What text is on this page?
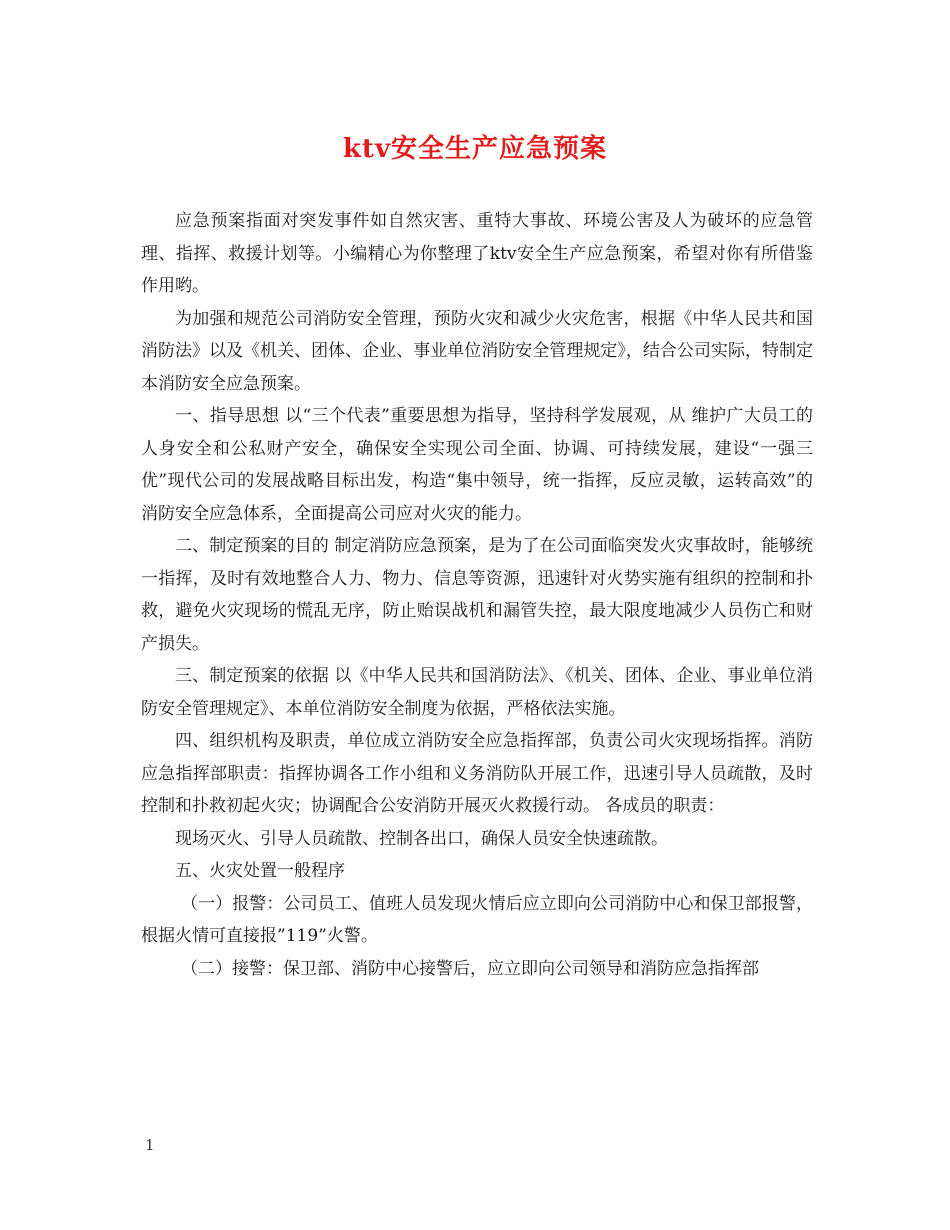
ktv安全生产应急预案

应急预案指面对突发事件如自然灾害、重特大事故、环境公害及人为破坏的应急管理、指挥、救援计划等。小编精心为你整理了ktv安全生产应急预案，希望对你有所借鉴作用哟。

为加强和规范公司消防安全管理，预防火灾和减少火灾危害，根据《中华人民共和国消防法》以及《机关、团体、企业、事业单位消防安全管理规定》，结合公司实际，特制定本消防安全应急预案。

一、指导思想 以“三个代表”重要思想为指导，坚持科学发展观，从 维护广大员工的人身安全和公私财产安全，确保安全实现公司全面、协调、可持续发展，建设“一强三优”现代公司的发展战略目标出发，构造“集中领导，统一指挥，反应灵敏，运转高效”的消防安全应急体系，全面提高公司应对火灾的能力。

二、制定预案的目的 制定消防应急预案，是为了在公司面临突发火灾事故时，能够统一指挥，及时有效地整合人力、物力、信息等资源，迅速针对火势实施有组织的控制和扑救，避免火灾现场的慌乱无序，防止贻误战机和漏管失控，最大限度地减少人员伤亡和财产损失。

三、制定预案的依据 以《中华人民共和国消防法》、《机关、团体、企业、事业单位消防安全管理规定》、本单位消防安全制度为依据，严格依法实施。

四、组织机构及职责，单位成立消防安全应急指挥部，负责公司火灾现场指挥。消防应急指挥部职责：指挥协调各工作小组和义务消防队开展工作，迅速引导人员疏散，及时控制和扑救初起火灾；协调配合公安消防开展灭火救援行动。 各成员的职责：

现场灭火、引导人员疏散、控制各出口，确保人员安全快速疏散。

五、火灾处置一般程序

（一）报警：公司员工、值班人员发现火情后应立即向公司消防中心和保卫部报警，根据火情可直接报”119”火警。

（二）接警：保卫部、消防中心接警后，应立即向公司领导和消防应急指挥部

1
